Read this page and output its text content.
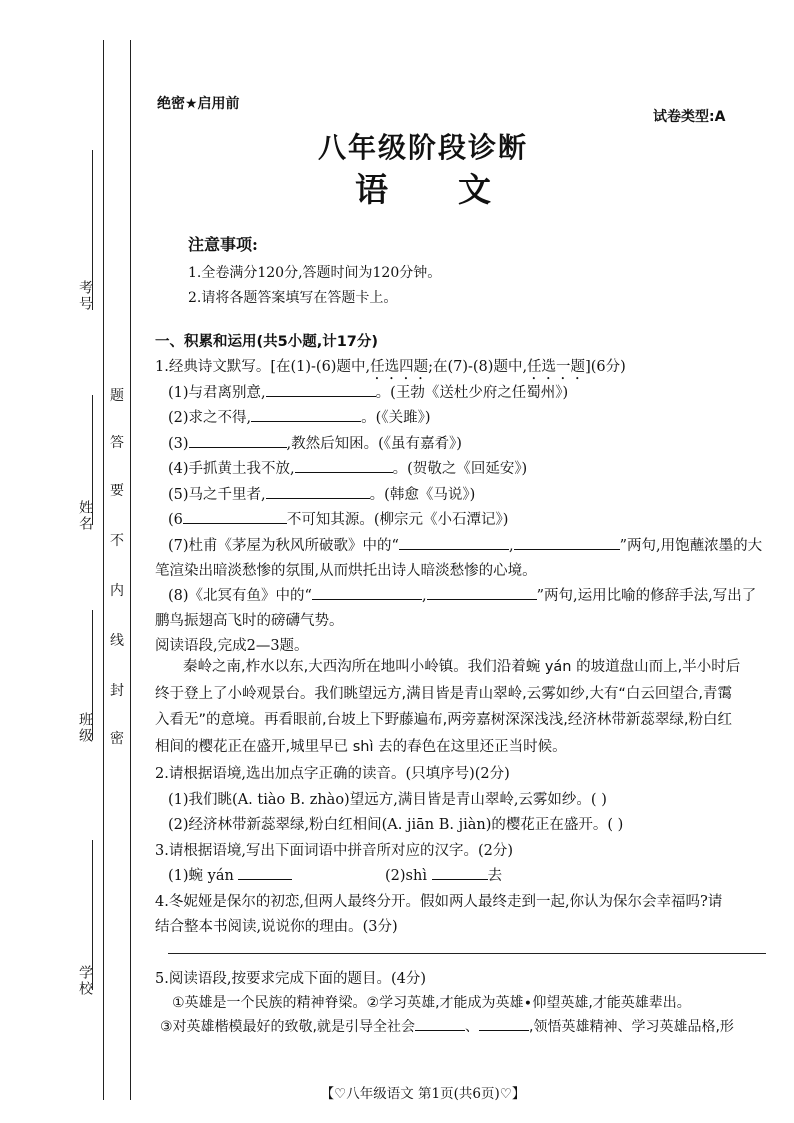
考号
姓名
班级
学校
题
答
要
不
内
线
封
密
绝密★启用前
试卷类型:A
八年级阶段诊断
语 文
注意事项:
1.全卷满分120分,答题时间为120分钟。
2.请将各题答案填写在答题卡上。
一、积累和运用(共5小题,计17分)
1.经典诗文默写。[在(1)-(6)题中,任选四题;在(7)-(8)题中,任选一题](6分)
(1)与君离别意,	。(王勃《送杜少府之任蜀州》)
(2)求之不得,	。(《关雎》)
(3)	,教然后知困。(《虽有嘉肴》)
(4)手抓黄土我不放,	。(贺敬之《回延安》)
(5)马之千里者,	。(韩愈《马说》)
(6	不可知其源。(柳宗元《小石潭记》)
(7)杜甫《茅屋为秋风所破歌》中的“	,	”两句,用饱蘸浓墨的大
笔渲染出暗淡愁惨的氛围,从而烘托出诗人暗淡愁惨的心境。
(8)《北冥有鱼》中的“	,	”两句,运用比喻的修辞手法,写出了
鹏鸟振翅高飞时的磅礴气势。
阅读语段,完成2—3题。
秦岭之南,柞水以东,大西沟所在地叫小岭镇。我们沿着蜿 yán 的坡道盘山而上,半小时后
终于登上了小岭观景台。我们眺望远方,满目皆是青山翠岭,云雾如纱,大有“白云回望合,青霭
入看无”的意境。再看眼前,台坡上下野藤遍布,两旁嘉树深深浅浅,经济林带新蕊翠绿,粉白红
相间的樱花正在盛开,城里早已 shì 去的春色在这里还正当时候。
2.请根据语境,选出加点字正确的读音。(只填序号)(2分)
(1)我们眺(A. tiào B. zhào)望远方,满目皆是青山翠岭,云雾如纱。( )
(2)经济林带新蕊翠绿,粉白红相间(A. jiān B. jiàn)的樱花正在盛开。( )
3.请根据语境,写出下面词语中拼音所对应的汉字。(2分)
(1)蜿 yán	(2)shì	去
4.冬妮娅是保尔的初恋,但两人最终分开。假如两人最终走到一起,你认为保尔会幸福吗?请
结合整本书阅读,说说你的理由。(3分)
5.阅读语段,按要求完成下面的题目。(4分)
①英雄是一个民族的精神脊梁。②学习英雄,才能成为英雄∙仰望英雄,才能英雄辈出。
③对英雄楷模最好的致敬,就是引导全社会	、	,领悟英雄精神、学习英雄品格,形
【♡八年级语文 第1页(共6页)♡】
